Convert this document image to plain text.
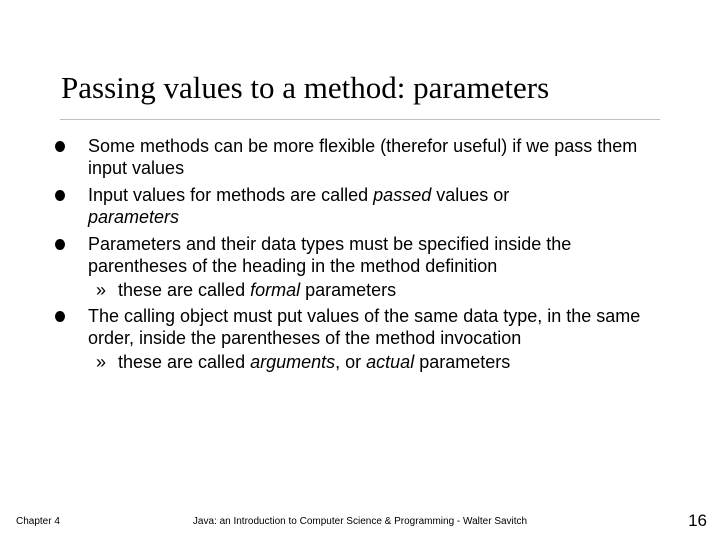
Passing values to a method: parameters
Some methods can be more flexible (therefor useful) if we pass them input values
Input values for methods are called passed values or
parameters
Parameters and their data types must be specified inside the parentheses of the heading in the method definition
» these are called formal parameters
The calling object must put values of the same data type, in the same order, inside the parentheses of the method invocation
» these are called arguments, or actual parameters
Chapter 4	Java: an Introduction to Computer Science & Programming - Walter Savitch	16
